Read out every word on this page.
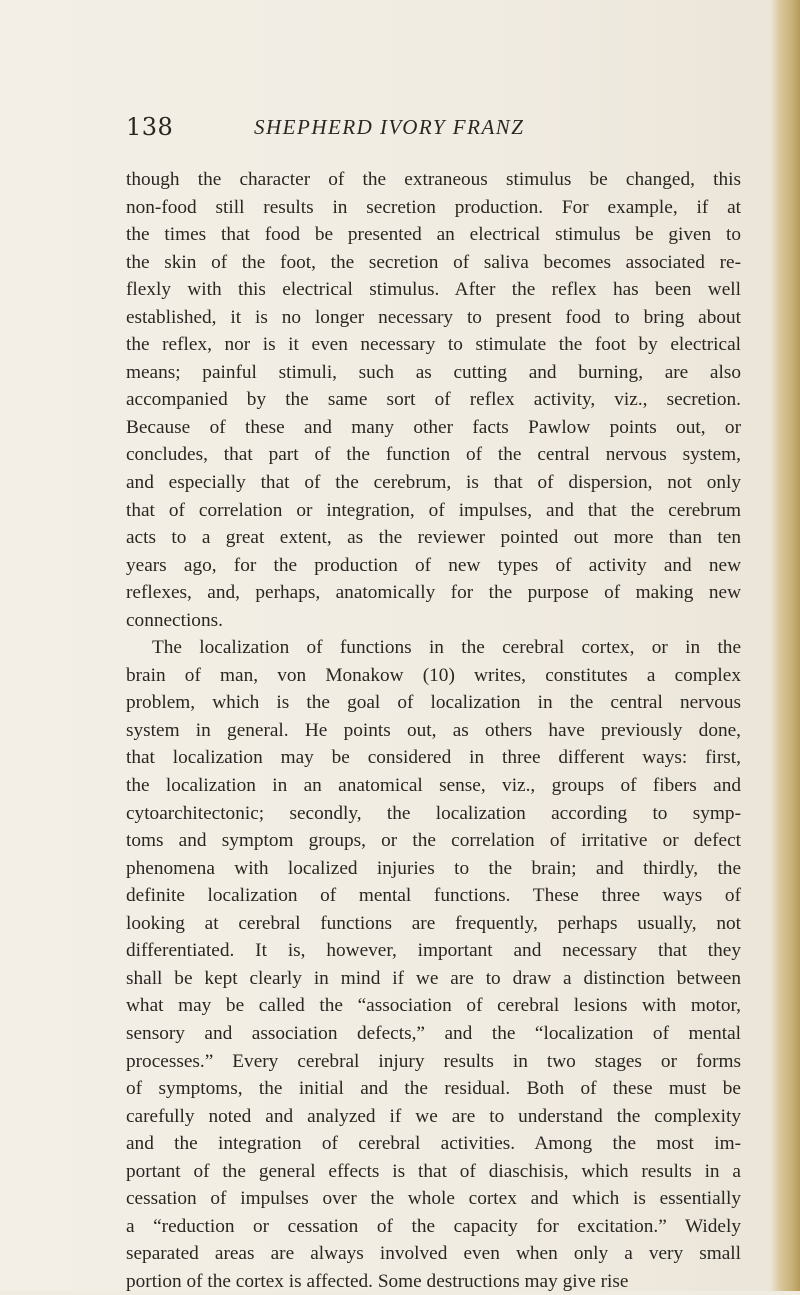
138	SHEPHERD IVORY FRANZ
though the character of the extraneous stimulus be changed, this
non-food still results in secretion production. For example, if at
the times that food be presented an electrical stimulus be given to
the skin of the foot, the secretion of saliva becomes associated re-
flexly with this electrical stimulus. After the reflex has been well
established, it is no longer necessary to present food to bring about
the reflex, nor is it even necessary to stimulate the foot by electrical
means; painful stimuli, such as cutting and burning, are also
accompanied by the same sort of reflex activity, viz., secretion.
Because of these and many other facts Pawlow points out, or
concludes, that part of the function of the central nervous system,
and especially that of the cerebrum, is that of dispersion, not only
that of correlation or integration, of impulses, and that the cerebrum
acts to a great extent, as the reviewer pointed out more than ten
years ago, for the production of new types of activity and new
reflexes, and, perhaps, anatomically for the purpose of making new
connections.
The localization of functions in the cerebral cortex, or in the
brain of man, von Monakow (10) writes, constitutes a complex
problem, which is the goal of localization in the central nervous
system in general. He points out, as others have previously done,
that localization may be considered in three different ways: first,
the localization in an anatomical sense, viz., groups of fibers and
cytoarchitectonic; secondly, the localization according to symp-
toms and symptom groups, or the correlation of irritative or defect
phenomena with localized injuries to the brain; and thirdly, the
definite localization of mental functions. These three ways of
looking at cerebral functions are frequently, perhaps usually, not
differentiated. It is, however, important and necessary that they
shall be kept clearly in mind if we are to draw a distinction between
what may be called the “association of cerebral lesions with motor,
sensory and association defects,” and the “localization of mental
processes.” Every cerebral injury results in two stages or forms
of symptoms, the initial and the residual. Both of these must be
carefully noted and analyzed if we are to understand the complexity
and the integration of cerebral activities. Among the most im-
portant of the general effects is that of diaschisis, which results in a
cessation of impulses over the whole cortex and which is essentially
a “reduction or cessation of the capacity for excitation.” Widely
separated areas are always involved even when only a very small
portion of the cortex is affected. Some destructions may give rise
